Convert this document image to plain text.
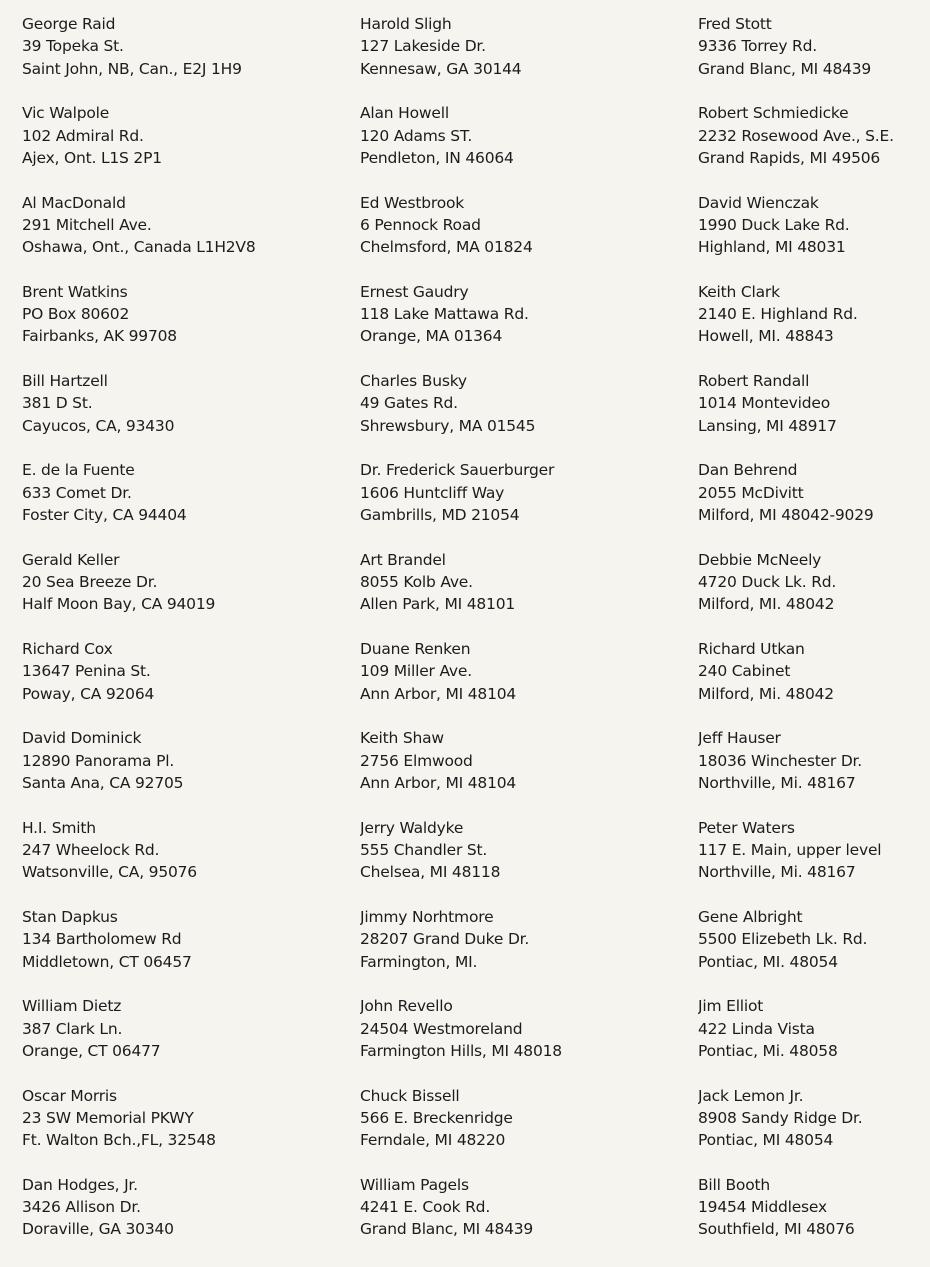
George Raid
39 Topeka St.
Saint John, NB, Can., E2J 1H9
Vic Walpole
102 Admiral Rd.
Ajex, Ont. L1S 2P1
Al MacDonald
291 Mitchell Ave.
Oshawa, Ont., Canada L1H2V8
Brent Watkins
PO Box 80602
Fairbanks, AK 99708
Bill Hartzell
381 D St.
Cayucos, CA, 93430
E. de la Fuente
633 Comet Dr.
Foster City, CA 94404
Gerald Keller
20 Sea Breeze Dr.
Half Moon Bay, CA 94019
Richard Cox
13647 Penina St.
Poway, CA 92064
David Dominick
12890 Panorama Pl.
Santa Ana, CA 92705
H.I. Smith
247 Wheelock Rd.
Watsonville, CA, 95076
Stan Dapkus
134 Bartholomew Rd
Middletown, CT 06457
William Dietz
387 Clark Ln.
Orange, CT 06477
Oscar Morris
23 SW Memorial PKWY
Ft. Walton Bch.,FL, 32548
Dan Hodges, Jr.
3426 Allison Dr.
Doraville, GA 30340
Harold Sligh
127 Lakeside Dr.
Kennesaw, GA 30144
Alan Howell
120 Adams ST.
Pendleton, IN 46064
Ed Westbrook
6 Pennock Road
Chelmsford, MA 01824
Ernest Gaudry
118 Lake Mattawa Rd.
Orange, MA 01364
Charles Busky
49 Gates Rd.
Shrewsbury, MA 01545
Dr. Frederick Sauerburger
1606 Huntcliff Way
Gambrills, MD 21054
Art Brandel
8055 Kolb Ave.
Allen Park, MI 48101
Duane Renken
109 Miller Ave.
Ann Arbor, MI 48104
Keith Shaw
2756 Elmwood
Ann Arbor, MI 48104
Jerry Waldyke
555 Chandler St.
Chelsea, MI 48118
Jimmy Norhtmore
28207 Grand Duke Dr.
Farmington, MI.
John Revello
24504 Westmoreland
Farmington Hills, MI 48018
Chuck Bissell
566 E. Breckenridge
Ferndale, MI 48220
William Pagels
4241 E. Cook Rd.
Grand Blanc, MI 48439
Fred Stott
9336 Torrey Rd.
Grand Blanc, MI 48439
Robert Schmiedicke
2232 Rosewood Ave., S.E.
Grand Rapids, MI 49506
David Wienczak
1990 Duck Lake Rd.
Highland, MI 48031
Keith Clark
2140 E. Highland Rd.
Howell, MI. 48843
Robert Randall
1014 Montevideo
Lansing, MI 48917
Dan Behrend
2055 McDivitt
Milford, MI 48042-9029
Debbie McNeely
4720 Duck Lk. Rd.
Milford, MI. 48042
Richard Utkan
240 Cabinet
Milford, Mi. 48042
Jeff Hauser
18036 Winchester Dr.
Northville, Mi. 48167
Peter Waters
117 E. Main, upper level
Northville, Mi. 48167
Gene Albright
5500 Elizebeth Lk. Rd.
Pontiac, MI. 48054
Jim Elliot
422 Linda Vista
Pontiac, Mi. 48058
Jack Lemon Jr.
8908 Sandy Ridge Dr.
Pontiac, MI 48054
Bill Booth
19454 Middlesex
Southfield, MI 48076
